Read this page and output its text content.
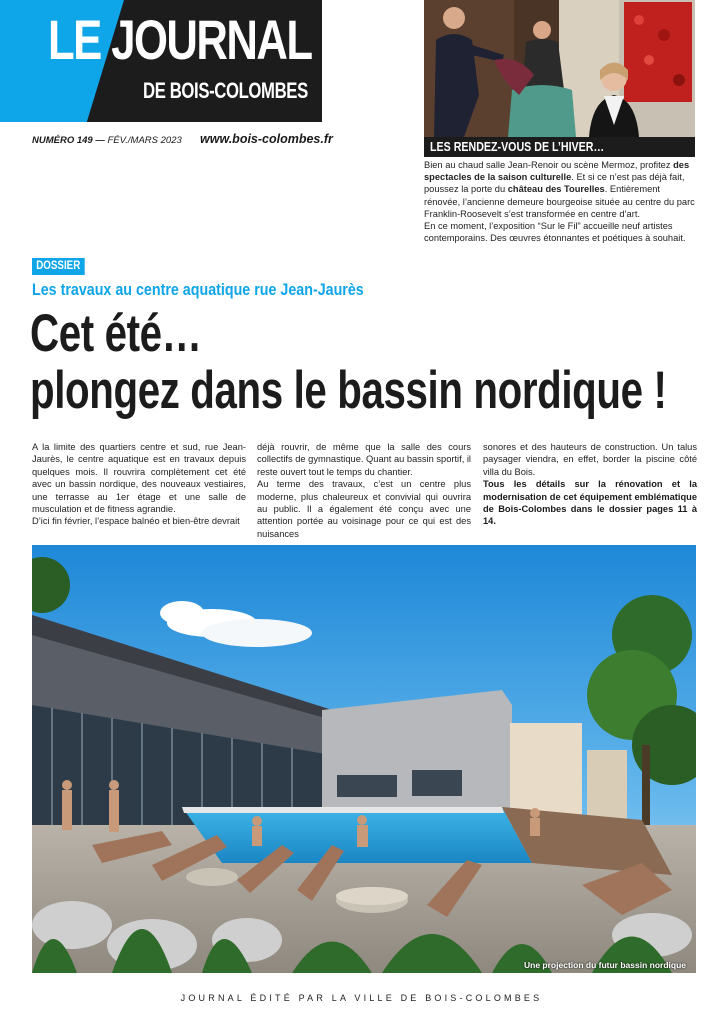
LE JOURNAL
DE BOIS-COLOMBES
NUMÉRO 149 — FÉV./MARS 2023 www.bois-colombes.fr	LES RENDEZ-VOUS DE L’HIVER…

Bien au chaud salle Jean-Renoir ou scène Mermoz, profitez des spectacles de la saison culturelle. Et si ce n’est pas déjà fait, poussez la porte du château des Tourelles. Entièrement rénovée, l’ancienne demeure bourgeoise située au centre du parc Franklin-Roosevelt s’est transformée en centre d’art.

En ce moment, l’exposition “Sur le Fil” accueille neuf artistes contemporains. Des œuvres étonnantes et poétiques à souhait.

DOSSIER
Les travaux au centre aquatique rue Jean-Jaurès
Cet été…
plongez dans le bassin nordique !

A la limite des quartiers centre et sud, rue Jean-Jaurès, le centre aquatique est en travaux depuis quelques mois. Il rouvrira complètement cet été avec un bassin nordique, des nouveaux vestiaires, une terrasse au 1er étage et une salle de musculation et de fitness agrandie.

D’ici fin février, l’espace balnéo et bien-être devrait

déjà rouvrir, de même que la salle des cours collectifs de gymnastique. Quant au bassin sportif, il reste ouvert tout le temps du chantier.

Au terme des travaux, c’est un centre plus moderne, plus chaleureux et convivial qui ouvrira au public. Il a également été conçu avec une attention portée au voisinage pour ce qui est des nuisances

sonores et des hauteurs de construction. Un talus paysager viendra, en effet, border la piscine côté villa du Bois.

Tous les détails sur la rénovation et la modernisation de cet équipement emblématique de Bois-Colombes dans le dossier pages 11 à 14.

Une projection du futur bassin nordique
JOURNAL ÉDITÉ PAR LA VILLE DE BOIS-COLOMBES
